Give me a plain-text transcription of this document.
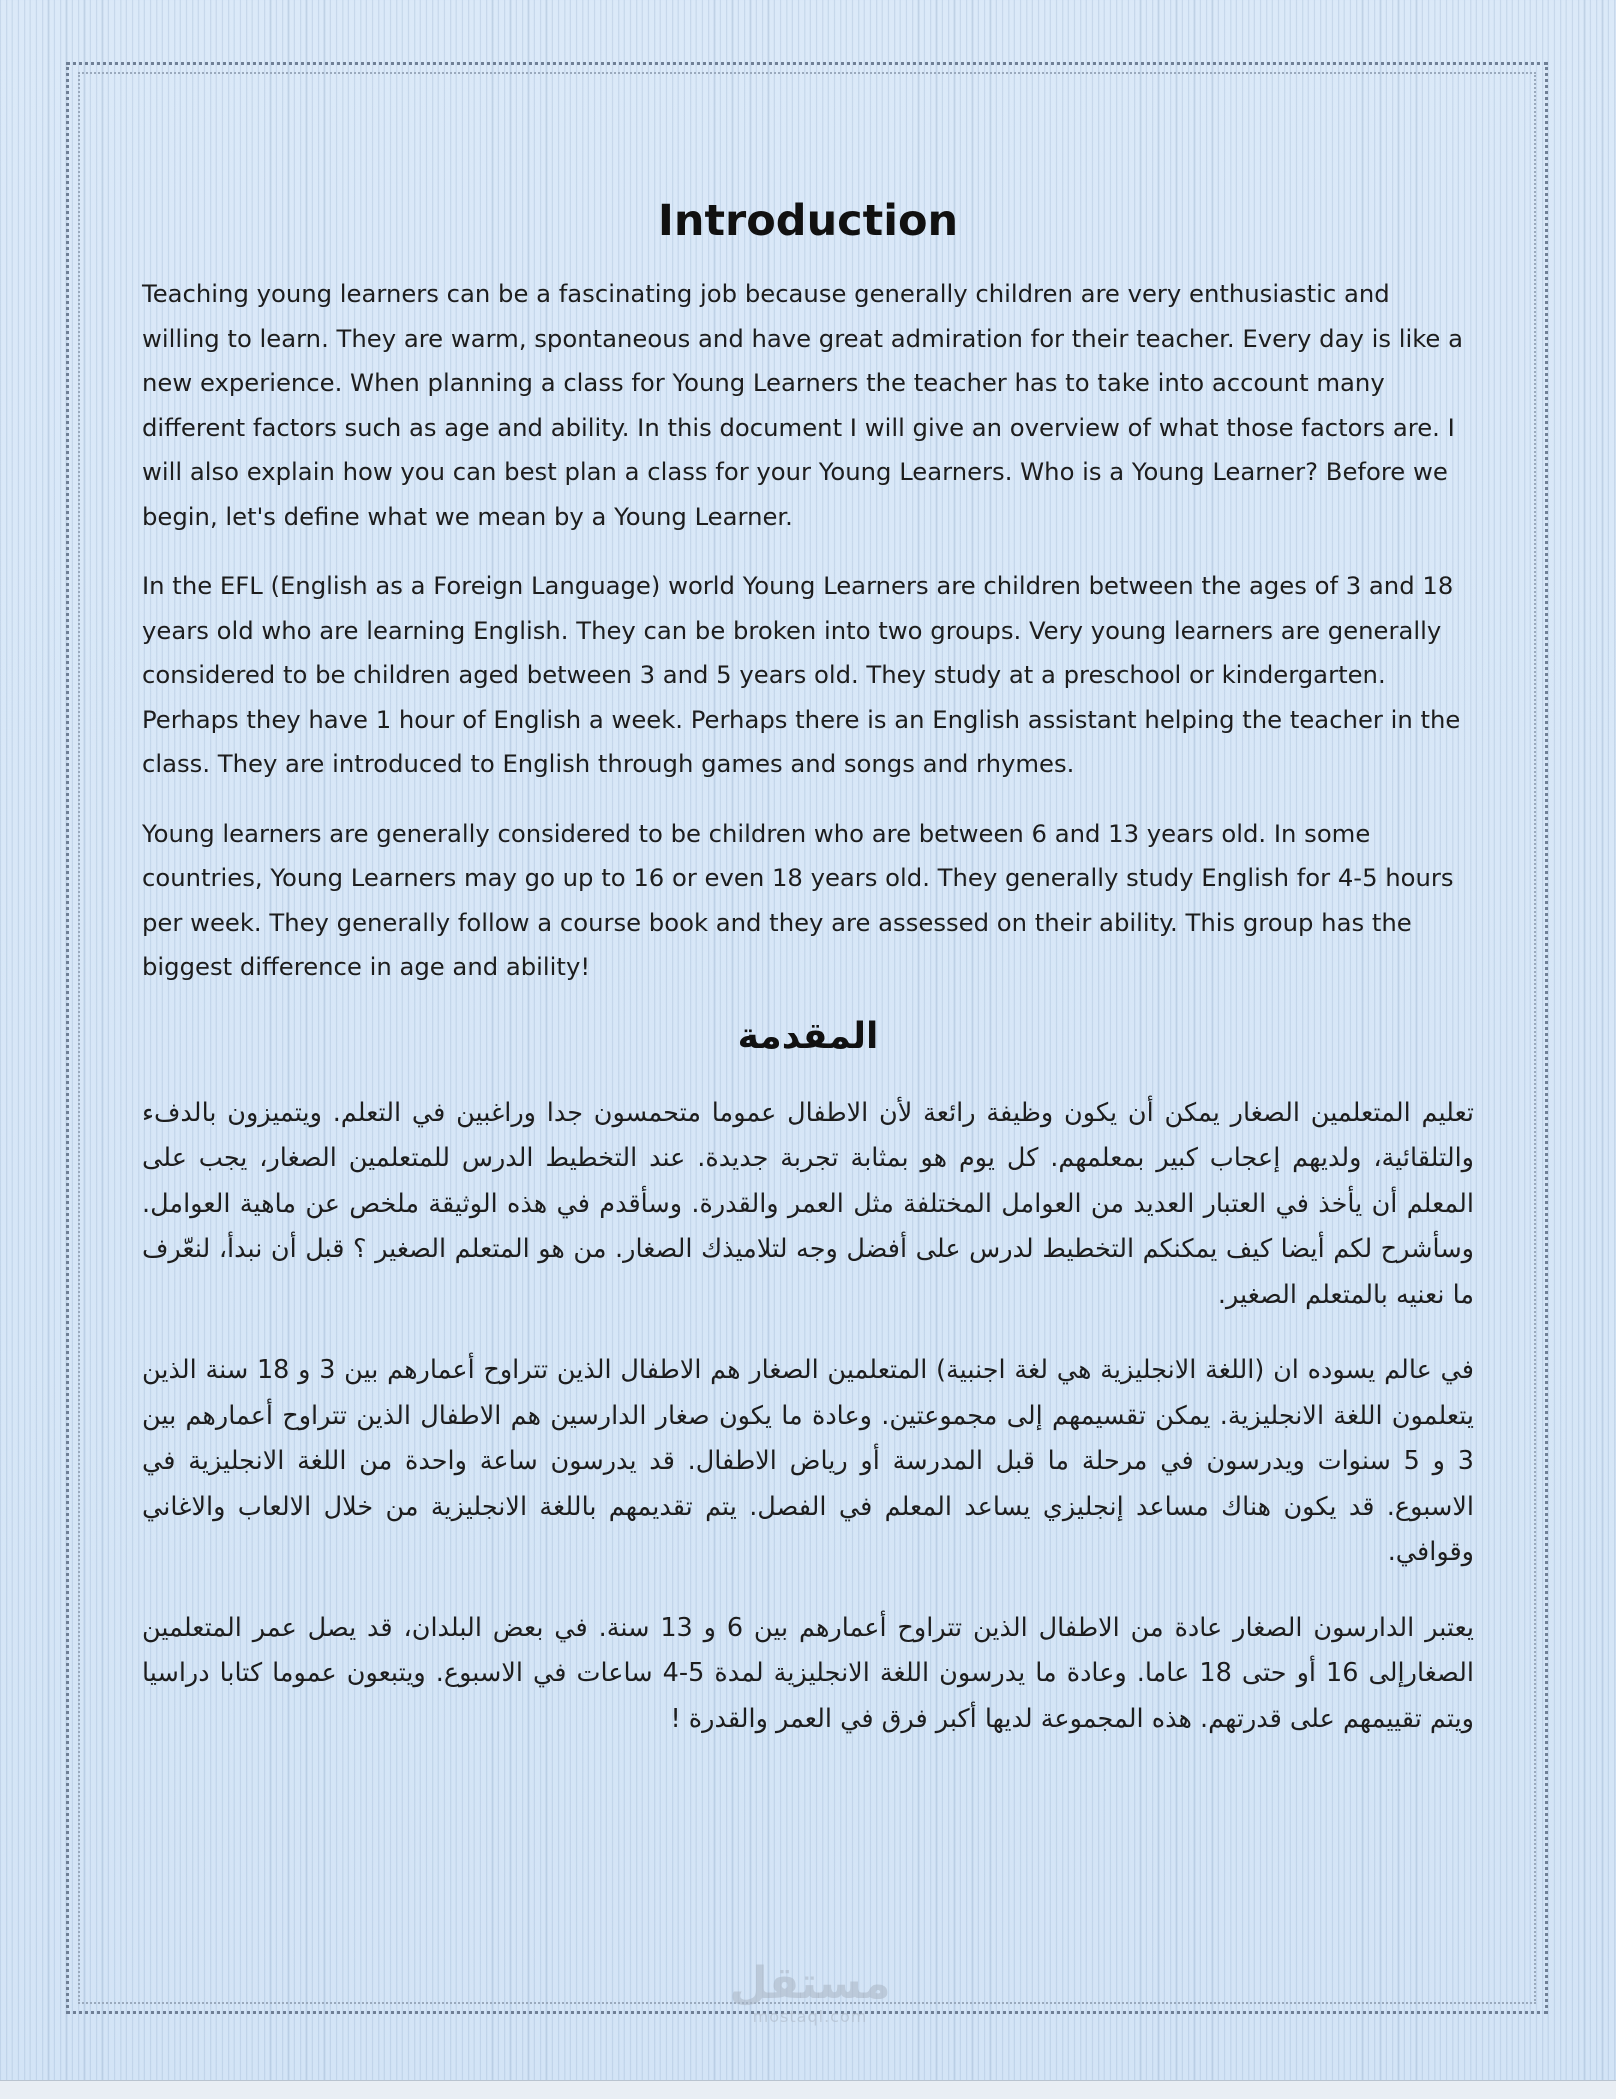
Introduction

Teaching young learners can be a fascinating job because generally children are very enthusiastic and willing to learn. They are warm, spontaneous and have great admiration for their teacher. Every day is like a new experience. When planning a class for Young Learners the teacher has to take into account many different factors such as age and ability. In this document I will give an overview of what those factors are. I will also explain how you can best plan a class for your Young Learners. Who is a Young Learner? Before we begin, let's define what we mean by a Young Learner.

In the EFL (English as a Foreign Language) world Young Learners are children between the ages of 3 and 18 years old who are learning English. They can be broken into two groups. Very young learners are generally considered to be children aged between 3 and 5 years old. They study at a preschool or kindergarten. Perhaps they have 1 hour of English a week. Perhaps there is an English assistant helping the teacher in the class. They are introduced to English through games and songs and rhymes.

Young learners are generally considered to be children who are between 6 and 13 years old. In some countries, Young Learners may go up to 16 or even 18 years old. They generally study English for 4-5 hours per week. They generally follow a course book and they are assessed on their ability. This group has the biggest difference in age and ability!

المقدمة

تعليم المتعلمين الصغار يمكن أن يكون وظيفة رائعة لأن الاطفال عموما متحمسون جدا وراغبين في التعلم. ويتميزون بالدفء والتلقائية، ولديهم إعجاب كبير بمعلمهم. كل يوم هو بمثابة تجربة جديدة. عند التخطيط الدرس للمتعلمين الصغار، يجب على المعلم أن يأخذ في العتبار العديد من العوامل المختلفة مثل العمر والقدرة. وسأقدم في هذه الوثيقة ملخص عن ماهية العوامل. وسأشرح لكم أيضا كيف يمكنكم التخطيط لدرس على أفضل وجه لتلاميذك الصغار. من هو المتعلم الصغير ؟ قبل أن نبدأ، لنعّرف ما نعنيه بالمتعلم الصغير.

في عالم يسوده ان (اللغة الانجليزية هي لغة اجنبية) المتعلمين الصغار هم الاطفال الذين تتراوح أعمارهم بين 3 و 18 سنة الذين يتعلمون اللغة الانجليزية. يمكن تقسيمهم إلى مجموعتين. وعادة ما يكون صغار الدارسين هم الاطفال الذين تتراوح أعمارهم بين 3 و 5 سنوات ويدرسون في مرحلة ما قبل المدرسة أو رياض الاطفال. قد يدرسون ساعة واحدة من اللغة الانجليزية في الاسبوع. قد يكون هناك مساعد إنجليزي يساعد المعلم في الفصل. يتم تقديمهم باللغة الانجليزية من خلال الالعاب والاغاني وقوافي.

يعتبر الدارسون الصغار عادة من الاطفال الذين تتراوح أعمارهم بين 6 و 13 سنة. في بعض البلدان، قد يصل عمر المتعلمين الصغارإلى 16 أو حتى 18 عاما. وعادة ما يدرسون اللغة الانجليزية لمدة 5-4 ساعات في الاسبوع. ويتبعون عموما كتابا دراسيا ويتم تقييمهم على قدرتهم. هذه المجموعة لديها أكبر فرق في العمر والقدرة !

مستقل
mostaql.com
